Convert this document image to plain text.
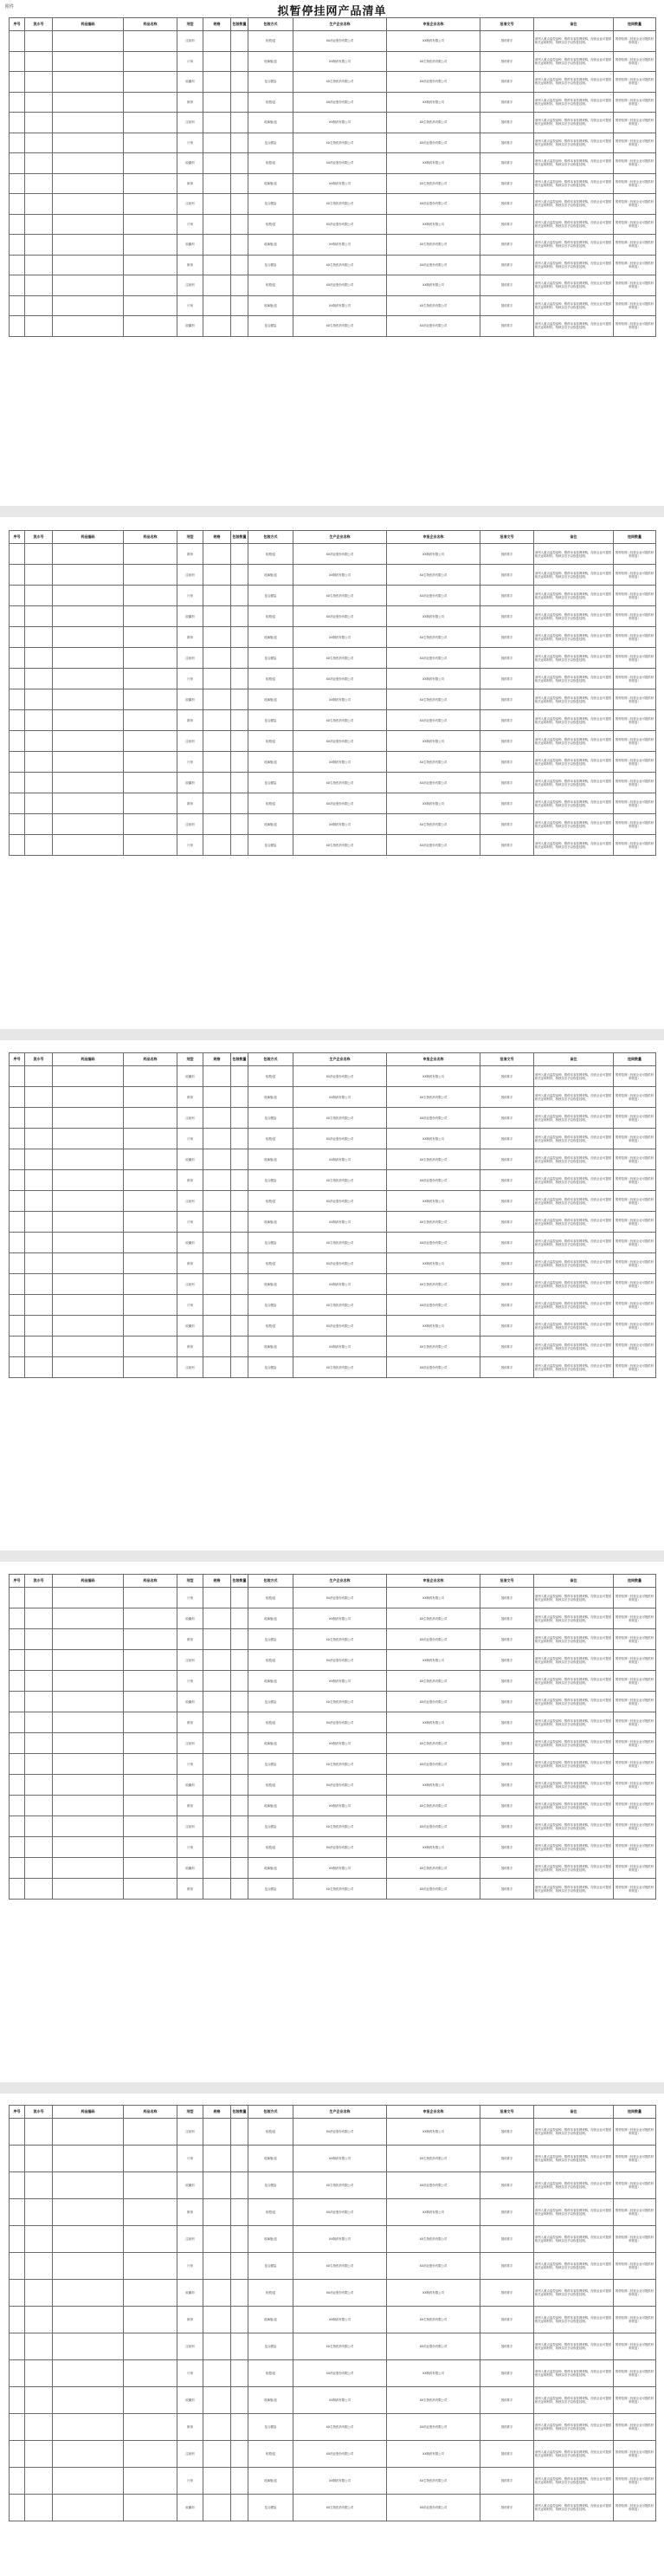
附件	拟暂停挂网产品清单
序号	流水号	药品编码	药品名称	剂型	规格	包装数量	包装方式	生产企业名称	申报企业名称	批准文号	备注	挂网数量
				注射剂			铝塑/盒	XX药业股份有限公司	XX制药有限公司	国药准字	被列入重点监控品种、暂停本省挂网采购，经营企业可提供相关证明材料，待核实后予以恢复挂网。	暂停挂网（经营企业可提供材料恢复）
				片剂			玻璃瓶/盒	XX制药有限公司	XX生物医药有限公司	国药准字	被列入重点监控品种、暂停本省挂网采购，经营企业可提供相关证明材料，待核实后予以恢复挂网。	暂停挂网（经营企业可提供材料恢复）
				胶囊剂			复合膜袋	XX生物医药有限公司	XX药业股份有限公司	国药准字	被列入重点监控品种、暂停本省挂网采购，经营企业可提供相关证明材料，待核实后予以恢复挂网。	暂停挂网（经营企业可提供材料恢复）
				散剂			铝塑/盒	XX药业股份有限公司	XX制药有限公司	国药准字	被列入重点监控品种、暂停本省挂网采购，经营企业可提供相关证明材料，待核实后予以恢复挂网。	暂停挂网（经营企业可提供材料恢复）
				注射剂			玻璃瓶/盒	XX制药有限公司	XX生物医药有限公司	国药准字	被列入重点监控品种、暂停本省挂网采购，经营企业可提供相关证明材料，待核实后予以恢复挂网。	暂停挂网（经营企业可提供材料恢复）
				片剂			复合膜袋	XX生物医药有限公司	XX药业股份有限公司	国药准字	被列入重点监控品种、暂停本省挂网采购，经营企业可提供相关证明材料，待核实后予以恢复挂网。	暂停挂网（经营企业可提供材料恢复）
				胶囊剂			铝塑/盒	XX药业股份有限公司	XX制药有限公司	国药准字	被列入重点监控品种、暂停本省挂网采购，经营企业可提供相关证明材料，待核实后予以恢复挂网。	暂停挂网（经营企业可提供材料恢复）
				散剂			玻璃瓶/盒	XX制药有限公司	XX生物医药有限公司	国药准字	被列入重点监控品种、暂停本省挂网采购，经营企业可提供相关证明材料，待核实后予以恢复挂网。	暂停挂网（经营企业可提供材料恢复）
				注射剂			复合膜袋	XX生物医药有限公司	XX药业股份有限公司	国药准字	被列入重点监控品种、暂停本省挂网采购，经营企业可提供相关证明材料，待核实后予以恢复挂网。	暂停挂网（经营企业可提供材料恢复）
				片剂			铝塑/盒	XX药业股份有限公司	XX制药有限公司	国药准字	被列入重点监控品种、暂停本省挂网采购，经营企业可提供相关证明材料，待核实后予以恢复挂网。	暂停挂网（经营企业可提供材料恢复）
				胶囊剂			玻璃瓶/盒	XX制药有限公司	XX生物医药有限公司	国药准字	被列入重点监控品种、暂停本省挂网采购，经营企业可提供相关证明材料，待核实后予以恢复挂网。	暂停挂网（经营企业可提供材料恢复）
				散剂			复合膜袋	XX生物医药有限公司	XX药业股份有限公司	国药准字	被列入重点监控品种、暂停本省挂网采购，经营企业可提供相关证明材料，待核实后予以恢复挂网。	暂停挂网（经营企业可提供材料恢复）
				注射剂			铝塑/盒	XX药业股份有限公司	XX制药有限公司	国药准字	被列入重点监控品种、暂停本省挂网采购，经营企业可提供相关证明材料，待核实后予以恢复挂网。	暂停挂网（经营企业可提供材料恢复）
				片剂			玻璃瓶/盒	XX制药有限公司	XX生物医药有限公司	国药准字	被列入重点监控品种、暂停本省挂网采购，经营企业可提供相关证明材料，待核实后予以恢复挂网。	暂停挂网（经营企业可提供材料恢复）
				胶囊剂			复合膜袋	XX生物医药有限公司	XX药业股份有限公司	国药准字	被列入重点监控品种、暂停本省挂网采购，经营企业可提供相关证明材料，待核实后予以恢复挂网。	暂停挂网（经营企业可提供材料恢复）
序号	流水号	药品编码	药品名称	剂型	规格	包装数量	包装方式	生产企业名称	申报企业名称	批准文号	备注	挂网数量
				散剂			铝塑/盒	XX药业股份有限公司	XX制药有限公司	国药准字	被列入重点监控品种、暂停本省挂网采购，经营企业可提供相关证明材料，待核实后予以恢复挂网。	暂停挂网（经营企业可提供材料恢复）
				注射剂			玻璃瓶/盒	XX制药有限公司	XX生物医药有限公司	国药准字	被列入重点监控品种、暂停本省挂网采购，经营企业可提供相关证明材料，待核实后予以恢复挂网。	暂停挂网（经营企业可提供材料恢复）
				片剂			复合膜袋	XX生物医药有限公司	XX药业股份有限公司	国药准字	被列入重点监控品种、暂停本省挂网采购，经营企业可提供相关证明材料，待核实后予以恢复挂网。	暂停挂网（经营企业可提供材料恢复）
				胶囊剂			铝塑/盒	XX药业股份有限公司	XX制药有限公司	国药准字	被列入重点监控品种、暂停本省挂网采购，经营企业可提供相关证明材料，待核实后予以恢复挂网。	暂停挂网（经营企业可提供材料恢复）
				散剂			玻璃瓶/盒	XX制药有限公司	XX生物医药有限公司	国药准字	被列入重点监控品种、暂停本省挂网采购，经营企业可提供相关证明材料，待核实后予以恢复挂网。	暂停挂网（经营企业可提供材料恢复）
				注射剂			复合膜袋	XX生物医药有限公司	XX药业股份有限公司	国药准字	被列入重点监控品种、暂停本省挂网采购，经营企业可提供相关证明材料，待核实后予以恢复挂网。	暂停挂网（经营企业可提供材料恢复）
				片剂			铝塑/盒	XX药业股份有限公司	XX制药有限公司	国药准字	被列入重点监控品种、暂停本省挂网采购，经营企业可提供相关证明材料，待核实后予以恢复挂网。	暂停挂网（经营企业可提供材料恢复）
				胶囊剂			玻璃瓶/盒	XX制药有限公司	XX生物医药有限公司	国药准字	被列入重点监控品种、暂停本省挂网采购，经营企业可提供相关证明材料，待核实后予以恢复挂网。	暂停挂网（经营企业可提供材料恢复）
				散剂			复合膜袋	XX生物医药有限公司	XX药业股份有限公司	国药准字	被列入重点监控品种、暂停本省挂网采购，经营企业可提供相关证明材料，待核实后予以恢复挂网。	暂停挂网（经营企业可提供材料恢复）
				注射剂			铝塑/盒	XX药业股份有限公司	XX制药有限公司	国药准字	被列入重点监控品种、暂停本省挂网采购，经营企业可提供相关证明材料，待核实后予以恢复挂网。	暂停挂网（经营企业可提供材料恢复）
				片剂			玻璃瓶/盒	XX制药有限公司	XX生物医药有限公司	国药准字	被列入重点监控品种、暂停本省挂网采购，经营企业可提供相关证明材料，待核实后予以恢复挂网。	暂停挂网（经营企业可提供材料恢复）
				胶囊剂			复合膜袋	XX生物医药有限公司	XX药业股份有限公司	国药准字	被列入重点监控品种、暂停本省挂网采购，经营企业可提供相关证明材料，待核实后予以恢复挂网。	暂停挂网（经营企业可提供材料恢复）
				散剂			铝塑/盒	XX药业股份有限公司	XX制药有限公司	国药准字	被列入重点监控品种、暂停本省挂网采购，经营企业可提供相关证明材料，待核实后予以恢复挂网。	暂停挂网（经营企业可提供材料恢复）
				注射剂			玻璃瓶/盒	XX制药有限公司	XX生物医药有限公司	国药准字	被列入重点监控品种、暂停本省挂网采购，经营企业可提供相关证明材料，待核实后予以恢复挂网。	暂停挂网（经营企业可提供材料恢复）
				片剂			复合膜袋	XX生物医药有限公司	XX药业股份有限公司	国药准字	被列入重点监控品种、暂停本省挂网采购，经营企业可提供相关证明材料，待核实后予以恢复挂网。	暂停挂网（经营企业可提供材料恢复）
序号	流水号	药品编码	药品名称	剂型	规格	包装数量	包装方式	生产企业名称	申报企业名称	批准文号	备注	挂网数量
				胶囊剂			铝塑/盒	XX药业股份有限公司	XX制药有限公司	国药准字	被列入重点监控品种、暂停本省挂网采购，经营企业可提供相关证明材料，待核实后予以恢复挂网。	暂停挂网（经营企业可提供材料恢复）
				散剂			玻璃瓶/盒	XX制药有限公司	XX生物医药有限公司	国药准字	被列入重点监控品种、暂停本省挂网采购，经营企业可提供相关证明材料，待核实后予以恢复挂网。	暂停挂网（经营企业可提供材料恢复）
				注射剂			复合膜袋	XX生物医药有限公司	XX药业股份有限公司	国药准字	被列入重点监控品种、暂停本省挂网采购，经营企业可提供相关证明材料，待核实后予以恢复挂网。	暂停挂网（经营企业可提供材料恢复）
				片剂			铝塑/盒	XX药业股份有限公司	XX制药有限公司	国药准字	被列入重点监控品种、暂停本省挂网采购，经营企业可提供相关证明材料，待核实后予以恢复挂网。	暂停挂网（经营企业可提供材料恢复）
				胶囊剂			玻璃瓶/盒	XX制药有限公司	XX生物医药有限公司	国药准字	被列入重点监控品种、暂停本省挂网采购，经营企业可提供相关证明材料，待核实后予以恢复挂网。	暂停挂网（经营企业可提供材料恢复）
				散剂			复合膜袋	XX生物医药有限公司	XX药业股份有限公司	国药准字	被列入重点监控品种、暂停本省挂网采购，经营企业可提供相关证明材料，待核实后予以恢复挂网。	暂停挂网（经营企业可提供材料恢复）
				注射剂			铝塑/盒	XX药业股份有限公司	XX制药有限公司	国药准字	被列入重点监控品种、暂停本省挂网采购，经营企业可提供相关证明材料，待核实后予以恢复挂网。	暂停挂网（经营企业可提供材料恢复）
				片剂			玻璃瓶/盒	XX制药有限公司	XX生物医药有限公司	国药准字	被列入重点监控品种、暂停本省挂网采购，经营企业可提供相关证明材料，待核实后予以恢复挂网。	暂停挂网（经营企业可提供材料恢复）
				胶囊剂			复合膜袋	XX生物医药有限公司	XX药业股份有限公司	国药准字	被列入重点监控品种、暂停本省挂网采购，经营企业可提供相关证明材料，待核实后予以恢复挂网。	暂停挂网（经营企业可提供材料恢复）
				散剂			铝塑/盒	XX药业股份有限公司	XX制药有限公司	国药准字	被列入重点监控品种、暂停本省挂网采购，经营企业可提供相关证明材料，待核实后予以恢复挂网。	暂停挂网（经营企业可提供材料恢复）
				注射剂			玻璃瓶/盒	XX制药有限公司	XX生物医药有限公司	国药准字	被列入重点监控品种、暂停本省挂网采购，经营企业可提供相关证明材料，待核实后予以恢复挂网。	暂停挂网（经营企业可提供材料恢复）
				片剂			复合膜袋	XX生物医药有限公司	XX药业股份有限公司	国药准字	被列入重点监控品种、暂停本省挂网采购，经营企业可提供相关证明材料，待核实后予以恢复挂网。	暂停挂网（经营企业可提供材料恢复）
				胶囊剂			铝塑/盒	XX药业股份有限公司	XX制药有限公司	国药准字	被列入重点监控品种、暂停本省挂网采购，经营企业可提供相关证明材料，待核实后予以恢复挂网。	暂停挂网（经营企业可提供材料恢复）
				散剂			玻璃瓶/盒	XX制药有限公司	XX生物医药有限公司	国药准字	被列入重点监控品种、暂停本省挂网采购，经营企业可提供相关证明材料，待核实后予以恢复挂网。	暂停挂网（经营企业可提供材料恢复）
				注射剂			复合膜袋	XX生物医药有限公司	XX药业股份有限公司	国药准字	被列入重点监控品种、暂停本省挂网采购，经营企业可提供相关证明材料，待核实后予以恢复挂网。	暂停挂网（经营企业可提供材料恢复）
序号	流水号	药品编码	药品名称	剂型	规格	包装数量	包装方式	生产企业名称	申报企业名称	批准文号	备注	挂网数量
				片剂			铝塑/盒	XX药业股份有限公司	XX制药有限公司	国药准字	被列入重点监控品种、暂停本省挂网采购，经营企业可提供相关证明材料，待核实后予以恢复挂网。	暂停挂网（经营企业可提供材料恢复）
				胶囊剂			玻璃瓶/盒	XX制药有限公司	XX生物医药有限公司	国药准字	被列入重点监控品种、暂停本省挂网采购，经营企业可提供相关证明材料，待核实后予以恢复挂网。	暂停挂网（经营企业可提供材料恢复）
				散剂			复合膜袋	XX生物医药有限公司	XX药业股份有限公司	国药准字	被列入重点监控品种、暂停本省挂网采购，经营企业可提供相关证明材料，待核实后予以恢复挂网。	暂停挂网（经营企业可提供材料恢复）
				注射剂			铝塑/盒	XX药业股份有限公司	XX制药有限公司	国药准字	被列入重点监控品种、暂停本省挂网采购，经营企业可提供相关证明材料，待核实后予以恢复挂网。	暂停挂网（经营企业可提供材料恢复）
				片剂			玻璃瓶/盒	XX制药有限公司	XX生物医药有限公司	国药准字	被列入重点监控品种、暂停本省挂网采购，经营企业可提供相关证明材料，待核实后予以恢复挂网。	暂停挂网（经营企业可提供材料恢复）
				胶囊剂			复合膜袋	XX生物医药有限公司	XX药业股份有限公司	国药准字	被列入重点监控品种、暂停本省挂网采购，经营企业可提供相关证明材料，待核实后予以恢复挂网。	暂停挂网（经营企业可提供材料恢复）
				散剂			铝塑/盒	XX药业股份有限公司	XX制药有限公司	国药准字	被列入重点监控品种、暂停本省挂网采购，经营企业可提供相关证明材料，待核实后予以恢复挂网。	暂停挂网（经营企业可提供材料恢复）
				注射剂			玻璃瓶/盒	XX制药有限公司	XX生物医药有限公司	国药准字	被列入重点监控品种、暂停本省挂网采购，经营企业可提供相关证明材料，待核实后予以恢复挂网。	暂停挂网（经营企业可提供材料恢复）
				片剂			复合膜袋	XX生物医药有限公司	XX药业股份有限公司	国药准字	被列入重点监控品种、暂停本省挂网采购，经营企业可提供相关证明材料，待核实后予以恢复挂网。	暂停挂网（经营企业可提供材料恢复）
				胶囊剂			铝塑/盒	XX药业股份有限公司	XX制药有限公司	国药准字	被列入重点监控品种、暂停本省挂网采购，经营企业可提供相关证明材料，待核实后予以恢复挂网。	暂停挂网（经营企业可提供材料恢复）
				散剂			玻璃瓶/盒	XX制药有限公司	XX生物医药有限公司	国药准字	被列入重点监控品种、暂停本省挂网采购，经营企业可提供相关证明材料，待核实后予以恢复挂网。	暂停挂网（经营企业可提供材料恢复）
				注射剂			复合膜袋	XX生物医药有限公司	XX药业股份有限公司	国药准字	被列入重点监控品种、暂停本省挂网采购，经营企业可提供相关证明材料，待核实后予以恢复挂网。	暂停挂网（经营企业可提供材料恢复）
				片剂			铝塑/盒	XX药业股份有限公司	XX制药有限公司	国药准字	被列入重点监控品种、暂停本省挂网采购，经营企业可提供相关证明材料，待核实后予以恢复挂网。	暂停挂网（经营企业可提供材料恢复）
				胶囊剂			玻璃瓶/盒	XX制药有限公司	XX生物医药有限公司	国药准字	被列入重点监控品种、暂停本省挂网采购，经营企业可提供相关证明材料，待核实后予以恢复挂网。	暂停挂网（经营企业可提供材料恢复）
				散剂			复合膜袋	XX生物医药有限公司	XX药业股份有限公司	国药准字	被列入重点监控品种、暂停本省挂网采购，经营企业可提供相关证明材料，待核实后予以恢复挂网。	暂停挂网（经营企业可提供材料恢复）
序号	流水号	药品编码	药品名称	剂型	规格	包装数量	包装方式	生产企业名称	申报企业名称	批准文号	备注	挂网数量
				注射剂			铝塑/盒	XX药业股份有限公司	XX制药有限公司	国药准字	被列入重点监控品种、暂停本省挂网采购，经营企业可提供相关证明材料，待核实后予以恢复挂网。	暂停挂网（经营企业可提供材料恢复）
				片剂			玻璃瓶/盒	XX制药有限公司	XX生物医药有限公司	国药准字	被列入重点监控品种、暂停本省挂网采购，经营企业可提供相关证明材料，待核实后予以恢复挂网。	暂停挂网（经营企业可提供材料恢复）
				胶囊剂			复合膜袋	XX生物医药有限公司	XX药业股份有限公司	国药准字	被列入重点监控品种、暂停本省挂网采购，经营企业可提供相关证明材料，待核实后予以恢复挂网。	暂停挂网（经营企业可提供材料恢复）
				散剂			铝塑/盒	XX药业股份有限公司	XX制药有限公司	国药准字	被列入重点监控品种、暂停本省挂网采购，经营企业可提供相关证明材料，待核实后予以恢复挂网。	暂停挂网（经营企业可提供材料恢复）
				注射剂			玻璃瓶/盒	XX制药有限公司	XX生物医药有限公司	国药准字	被列入重点监控品种、暂停本省挂网采购，经营企业可提供相关证明材料，待核实后予以恢复挂网。	暂停挂网（经营企业可提供材料恢复）
				片剂			复合膜袋	XX生物医药有限公司	XX药业股份有限公司	国药准字	被列入重点监控品种、暂停本省挂网采购，经营企业可提供相关证明材料，待核实后予以恢复挂网。	暂停挂网（经营企业可提供材料恢复）
				胶囊剂			铝塑/盒	XX药业股份有限公司	XX制药有限公司	国药准字	被列入重点监控品种、暂停本省挂网采购，经营企业可提供相关证明材料，待核实后予以恢复挂网。	暂停挂网（经营企业可提供材料恢复）
				散剂			玻璃瓶/盒	XX制药有限公司	XX生物医药有限公司	国药准字	被列入重点监控品种、暂停本省挂网采购，经营企业可提供相关证明材料，待核实后予以恢复挂网。	暂停挂网（经营企业可提供材料恢复）
				注射剂			复合膜袋	XX生物医药有限公司	XX药业股份有限公司	国药准字	被列入重点监控品种、暂停本省挂网采购，经营企业可提供相关证明材料，待核实后予以恢复挂网。	暂停挂网（经营企业可提供材料恢复）
				片剂			铝塑/盒	XX药业股份有限公司	XX制药有限公司	国药准字	被列入重点监控品种、暂停本省挂网采购，经营企业可提供相关证明材料，待核实后予以恢复挂网。	暂停挂网（经营企业可提供材料恢复）
				胶囊剂			玻璃瓶/盒	XX制药有限公司	XX生物医药有限公司	国药准字	被列入重点监控品种、暂停本省挂网采购，经营企业可提供相关证明材料，待核实后予以恢复挂网。	暂停挂网（经营企业可提供材料恢复）
				散剂			复合膜袋	XX生物医药有限公司	XX药业股份有限公司	国药准字	被列入重点监控品种、暂停本省挂网采购，经营企业可提供相关证明材料，待核实后予以恢复挂网。	暂停挂网（经营企业可提供材料恢复）
				注射剂			铝塑/盒	XX药业股份有限公司	XX制药有限公司	国药准字	被列入重点监控品种、暂停本省挂网采购，经营企业可提供相关证明材料，待核实后予以恢复挂网。	暂停挂网（经营企业可提供材料恢复）
				片剂			玻璃瓶/盒	XX制药有限公司	XX生物医药有限公司	国药准字	被列入重点监控品种、暂停本省挂网采购，经营企业可提供相关证明材料，待核实后予以恢复挂网。	暂停挂网（经营企业可提供材料恢复）
				胶囊剂			复合膜袋	XX生物医药有限公司	XX药业股份有限公司	国药准字	被列入重点监控品种、暂停本省挂网采购，经营企业可提供相关证明材料，待核实后予以恢复挂网。	暂停挂网（经营企业可提供材料恢复）
